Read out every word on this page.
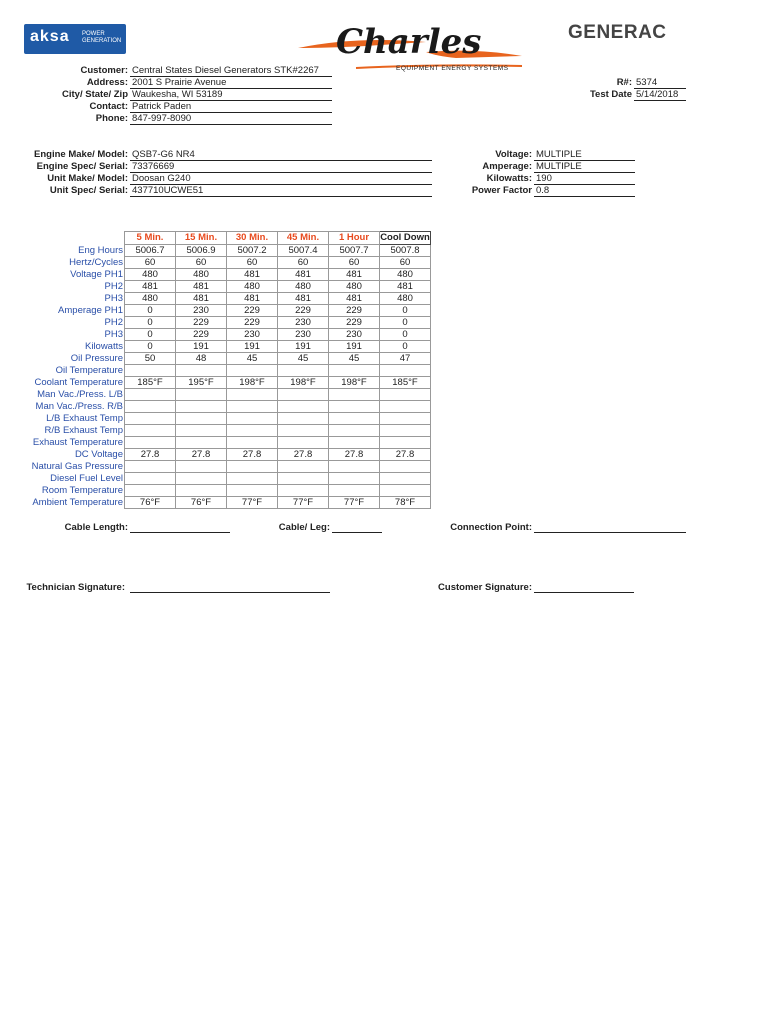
aksa POWER GENERATION	Charles
EQUIPMENT ENERGY SYSTEMS
GENERAC
Customer: Central States Diesel Generators STK#2267
Address: 2001 S Prairie Avenue
City/ State/ Zip Waukesha, WI 53189
Contact: Patrick Paden
Phone: 847-997-8090
R#: 5374
Test Date 5/14/2018
Engine Make/ Model: QSB7-G6 NR4
Engine Spec/ Serial: 73376669
Unit Make/ Model: Doosan G240
Unit Spec/ Serial: 437710UCWE51
Voltage: MULTIPLE
Amperage: MULTIPLE
Kilowatts: 190
Power Factor 0.8
	5 Min.	15 Min.	30 Min.	45 Min.	1 Hour	Cool Down
Eng Hours	5006.7	5006.9	5007.2	5007.4	5007.7	5007.8
Hertz/Cycles	60	60	60	60	60	60
Voltage PH1	480	480	481	481	481	480
PH2	481	481	480	480	480	481
PH3	480	481	481	481	481	480
Amperage PH1	0	230	229	229	229	0
PH2	0	229	229	230	229	0
PH3	0	229	230	230	230	0
Kilowatts	0	191	191	191	191	0
Oil Pressure	50	48	45	45	45	47
Oil Temperature						
Coolant Temperature	185°F	195°F	198°F	198°F	198°F	185°F
Man Vac./Press. L/B						
Man Vac./Press. R/B						
L/B Exhaust Temp						
R/B Exhaust Temp						
Exhaust Temperature						
DC Voltage	27.8	27.8	27.8	27.8	27.8	27.8
Natural Gas Pressure						
Diesel Fuel Level						
Room Temperature						
Ambient Temperature	76°F	76°F	77°F	77°F	77°F	78°F
Cable Length:	Cable/ Leg:	Connection Point:
Technician Signature:	Customer Signature:
